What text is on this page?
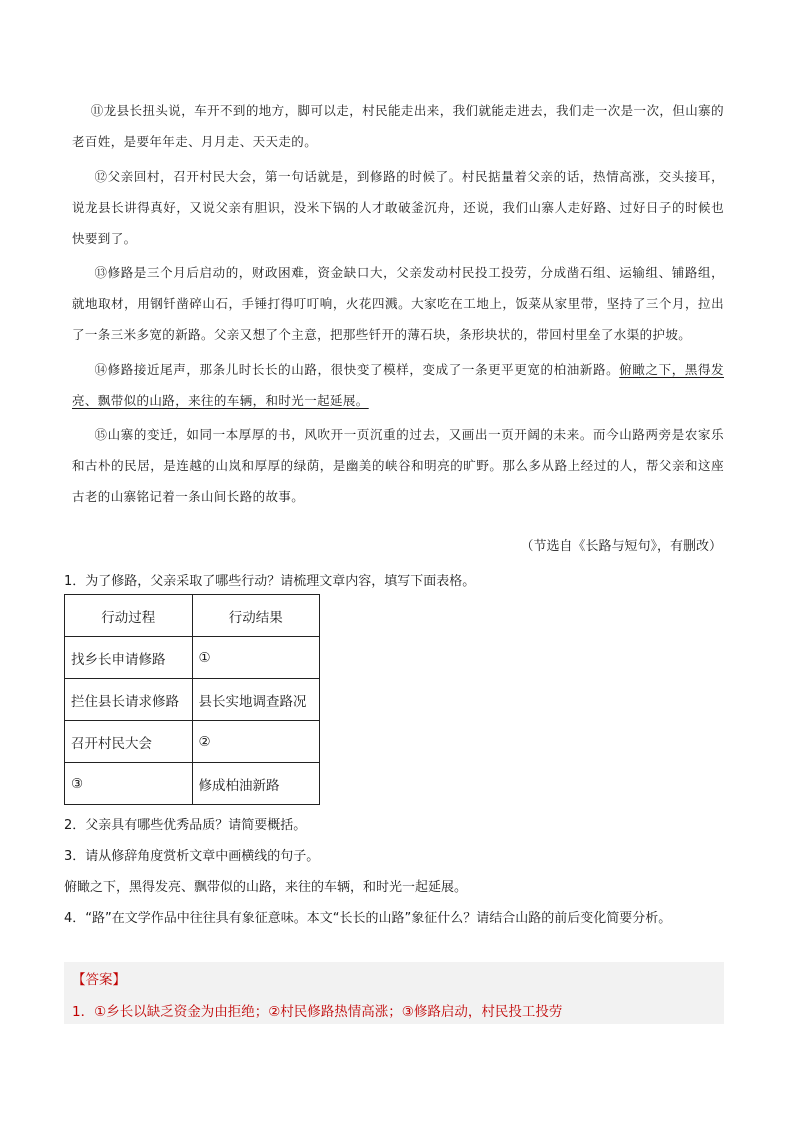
⑪龙县长扭头说，车开不到的地方，脚可以走，村民能走出来，我们就能走进去，我们走一次是一次，但山寨的老百姓，是要年年走、月月走、天天走的。

⑫父亲回村，召开村民大会，第一句话就是，到修路的时候了。村民掂量着父亲的话，热情高涨，交头接耳，说龙县长讲得真好，又说父亲有胆识，没米下锅的人才敢破釜沉舟，还说，我们山寨人走好路、过好日子的时候也快要到了。

⑬修路是三个月后启动的，财政困难，资金缺口大，父亲发动村民投工投劳，分成凿石组、运输组、铺路组，就地取材，用钢钎凿碎山石，手锤打得叮叮响，火花四溅。大家吃在工地上，饭菜从家里带，坚持了三个月，拉出了一条三米多宽的新路。父亲又想了个主意，把那些钎开的薄石块，条形块状的，带回村里垒了水渠的护坡。

⑭修路接近尾声，那条儿时长长的山路，很快变了模样，变成了一条更平更宽的柏油新路。俯瞰之下，黑得发亮、飘带似的山路，来往的车辆，和时光一起延展。

⑮山寨的变迁，如同一本厚厚的书，风吹开一页沉重的过去，又画出一页开阔的未来。而今山路两旁是农家乐和古朴的民居，是连越的山岚和厚厚的绿荫，是幽美的峡谷和明亮的旷野。那么多从路上经过的人，帮父亲和这座古老的山寨铭记着一条山间长路的故事。

（节选自《长路与短句》，有删改）
1．为了修路，父亲采取了哪些行动？请梳理文章内容，填写下面表格。
行动过程	行动结果
找乡长申请修路	①
拦住县长请求修路	县长实地调查路况
召开村民大会	②
③	修成柏油新路
2．父亲具有哪些优秀品质？请简要概括。
3．请从修辞角度赏析文章中画横线的句子。
俯瞰之下，黑得发亮、飘带似的山路，来往的车辆，和时光一起延展。
4．“路”在文学作品中往往具有象征意味。本文“长长的山路”象征什么？请结合山路的前后变化简要分析。
【答案】
1．①乡长以缺乏资金为由拒绝；②村民修路热情高涨；③修路启动，村民投工投劳
